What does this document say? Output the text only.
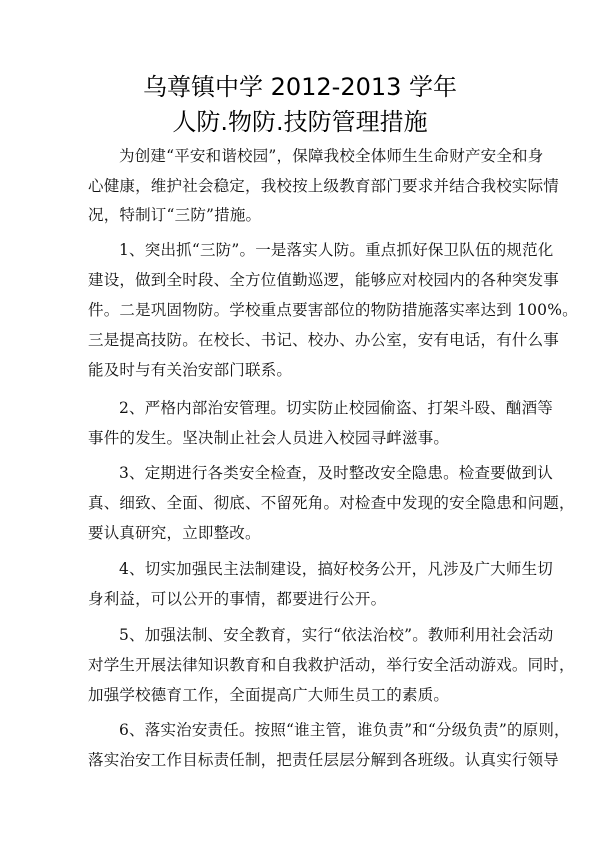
乌尊镇中学 2012-2013 学年
人防.物防.技防管理措施
为创建“平安和谐校园”，保障我校全体师生生命财产安全和身
心健康，维护社会稳定，我校按上级教育部门要求并结合我校实际情
况，特制订“三防”措施。
1、突出抓“三防”。一是落实人防。重点抓好保卫队伍的规范化
建设，做到全时段、全方位值勤巡逻，能够应对校园内的各种突发事
件。二是巩固物防。学校重点要害部位的物防措施落实率达到 100%。
三是提高技防。在校长、书记、校办、办公室，安有电话，有什么事
能及时与有关治安部门联系。
2、严格内部治安管理。切实防止校园偷盗、打架斗殴、酗酒等
事件的发生。坚决制止社会人员进入校园寻衅滋事。
3、定期进行各类安全检查，及时整改安全隐患。检查要做到认
真、细致、全面、彻底、不留死角。对检查中发现的安全隐患和问题，
要认真研究，立即整改。
4、切实加强民主法制建设，搞好校务公开，凡涉及广大师生切
身利益，可以公开的事情，都要进行公开。
5、加强法制、安全教育，实行“依法治校”。教师利用社会活动
对学生开展法律知识教育和自我救护活动，举行安全活动游戏。同时，
加强学校德育工作，全面提高广大师生员工的素质。
6、落实治安责任。按照“谁主管，谁负责”和“分级负责”的原则，
落实治安工作目标责任制，把责任层层分解到各班级。认真实行领导
